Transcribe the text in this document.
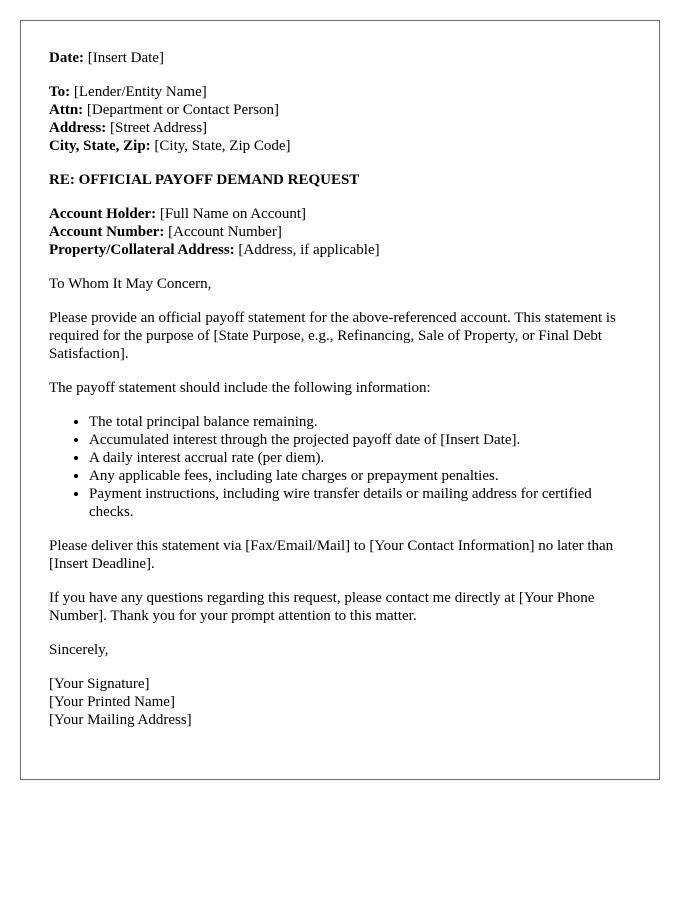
Date: [Insert Date]
To: [Lender/Entity Name]
Attn: [Department or Contact Person]
Address: [Street Address]
City, State, Zip: [City, State, Zip Code]
RE: OFFICIAL PAYOFF DEMAND REQUEST
Account Holder: [Full Name on Account]
Account Number: [Account Number]
Property/Collateral Address: [Address, if applicable]

To Whom It May Concern,

Please provide an official payoff statement for the above-referenced account. This statement is required for the purpose of [State Purpose, e.g., Refinancing, Sale of Property, or Final Debt Satisfaction].

The payoff statement should include the following information:

• The total principal balance remaining.
• Accumulated interest through the projected payoff date of [Insert Date].
• A daily interest accrual rate (per diem).
• Any applicable fees, including late charges or prepayment penalties.
• Payment instructions, including wire transfer details or mailing address for certified checks.

Please deliver this statement via [Fax/Email/Mail] to [Your Contact Information] no later than [Insert Deadline].

If you have any questions regarding this request, please contact me directly at [Your Phone Number]. Thank you for your prompt attention to this matter.

Sincerely,

[Your Signature]
[Your Printed Name]
[Your Mailing Address]
